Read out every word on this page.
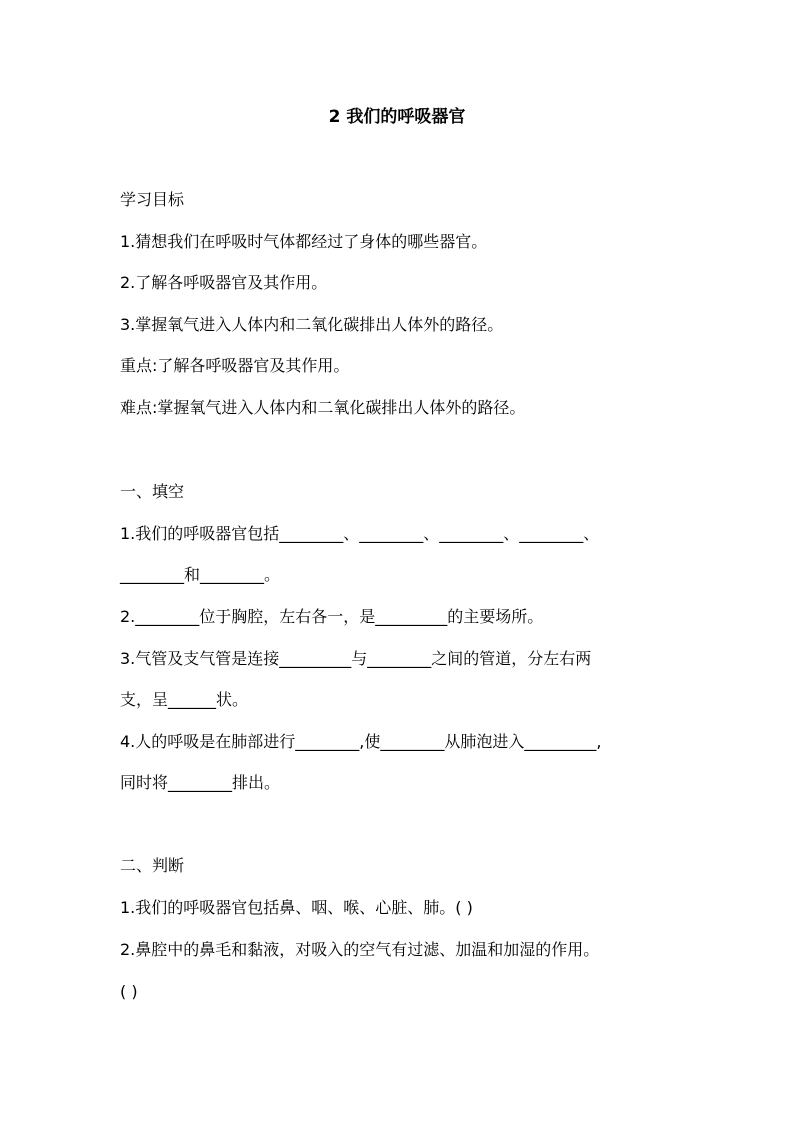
2 我们的呼吸器官

学习目标

1.猜想我们在呼吸时气体都经过了身体的哪些器官。

2.了解各呼吸器官及其作用。

3.掌握氧气进入人体内和二氧化碳排出人体外的路径。

重点:了解各呼吸器官及其作用。

难点:掌握氧气进入人体内和二氧化碳排出人体外的路径。

一、填空

1.我们的呼吸器官包括________、________、________、________、

________和________。

2.________位于胸腔，左右各一，是_________的主要场所。

3.气管及支气管是连接_________与________之间的管道，分左右两

支，呈______状。

4.人的呼吸是在肺部进行________,使________从肺泡进入_________,

同时将________排出。

二、判断

1.我们的呼吸器官包括鼻、咽、喉、心脏、肺。( )

2.鼻腔中的鼻毛和黏液，对吸入的空气有过滤、加温和加湿的作用。

( )
